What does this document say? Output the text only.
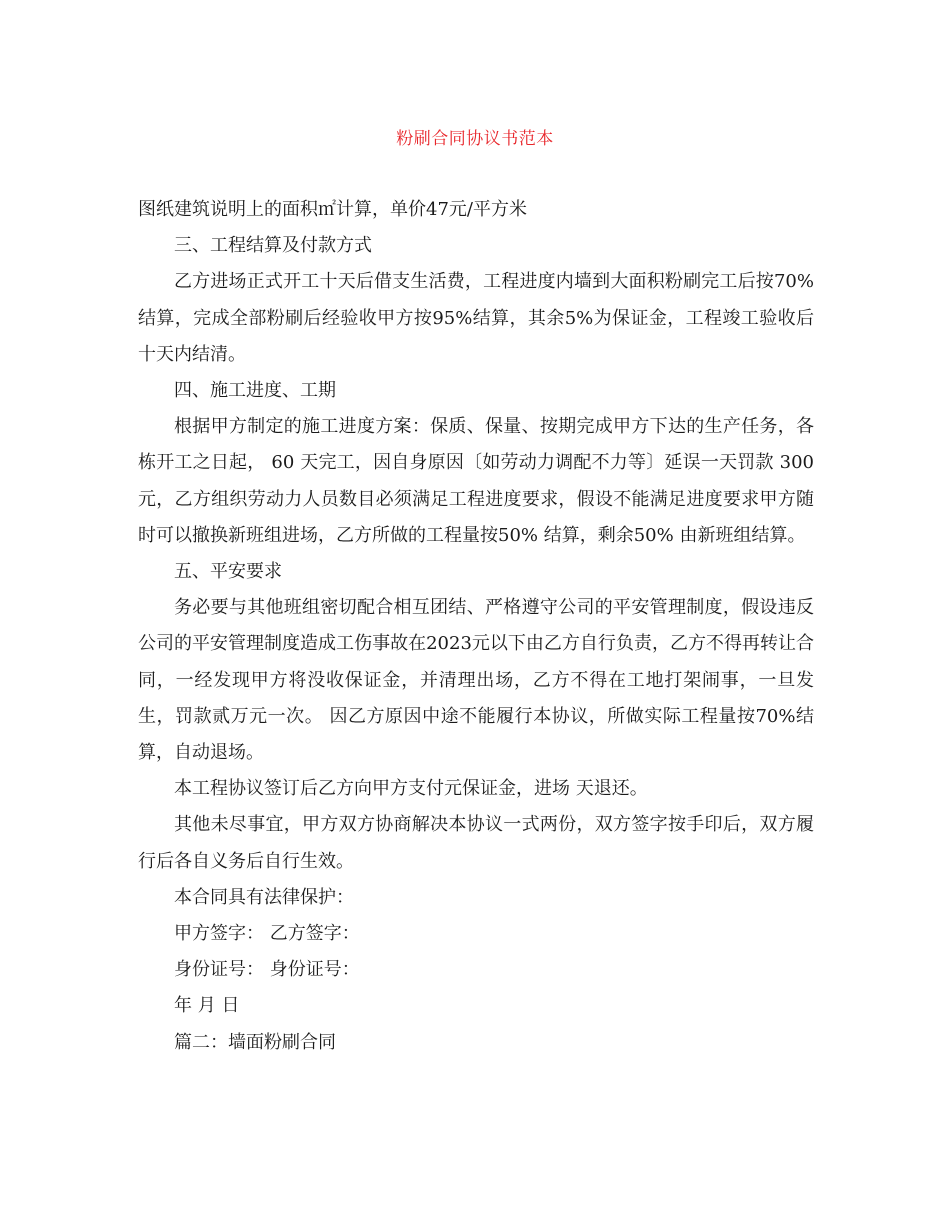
粉刷合同协议书范本

图纸建筑说明上的面积㎡计算，单价47元/平方米

三、工程结算及付款方式

乙方进场正式开工十天后借支生活费，工程进度内墙到大面积粉刷完工后按70%结算，完成全部粉刷后经验收甲方按95%结算，其余5%为保证金，工程竣工验收后十天内结清。

四、施工进度、工期

根据甲方制定的施工进度方案：保质、保量、按期完成甲方下达的生产任务，各栋开工之日起， 60 天完工，因自身原因〔如劳动力调配不力等〕延误一天罚款 300 元，乙方组织劳动力人员数目必须满足工程进度要求，假设不能满足进度要求甲方随时可以撤换新班组进场，乙方所做的工程量按50% 结算，剩余50% 由新班组结算。

五、平安要求

务必要与其他班组密切配合相互团结、严格遵守公司的平安管理制度，假设违反公司的平安管理制度造成工伤事故在2023元以下由乙方自行负责，乙方不得再转让合同，一经发现甲方将没收保证金，并清理出场，乙方不得在工地打架闹事，一旦发生，罚款贰万元一次。 因乙方原因中途不能履行本协议，所做实际工程量按70%结算，自动退场。

本工程协议签订后乙方向甲方支付元保证金，进场 天退还。

其他未尽事宜，甲方双方协商解决本协议一式两份，双方签字按手印后，双方履行后各自义务后自行生效。

本合同具有法律保护：

甲方签字： 乙方签字：

身份证号： 身份证号：

年 月 日

篇二：墙面粉刷合同
